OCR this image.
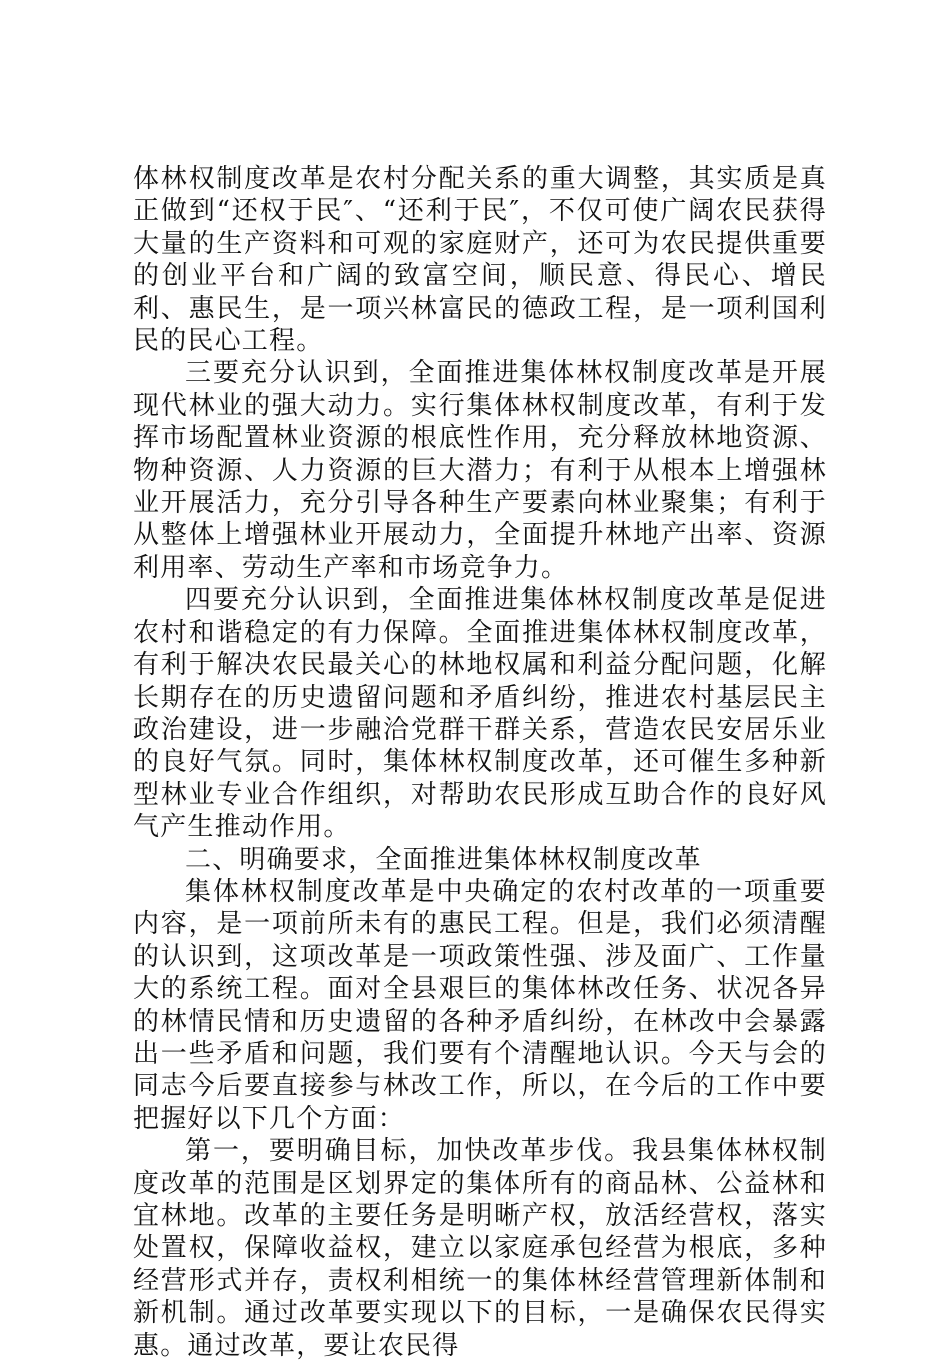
体林权制度改革是农村分配关系的重大调整，其实质是真正做到“还权于民″、“还利于民″，不仅可使广阔农民获得大量的生产资料和可观的家庭财产，还可为农民提供重要的创业平台和广阔的致富空间，顺民意、得民心、增民利、惠民生，是一项兴林富民的德政工程，是一项利国利民的民心工程。

三要充分认识到，全面推进集体林权制度改革是开展现代林业的强大动力。实行集体林权制度改革，有利于发挥市场配置林业资源的根底性作用，充分释放林地资源、物种资源、人力资源的巨大潜力；有利于从根本上增强林业开展活力，充分引导各种生产要素向林业聚集；有利于从整体上增强林业开展动力，全面提升林地产出率、资源利用率、劳动生产率和市场竞争力。

四要充分认识到，全面推进集体林权制度改革是促进农村和谐稳定的有力保障。全面推进集体林权制度改革，有利于解决农民最关心的林地权属和利益分配问题，化解长期存在的历史遗留问题和矛盾纠纷，推进农村基层民主政治建设，进一步融洽党群干群关系，营造农民安居乐业的良好气氛。同时，集体林权制度改革，还可催生多种新型林业专业合作组织，对帮助农民形成互助合作的良好风气产生推动作用。

二、明确要求，全面推进集体林权制度改革

集体林权制度改革是中央确定的农村改革的一项重要内容，是一项前所未有的惠民工程。但是，我们必须清醒的认识到，这项改革是一项政策性强、涉及面广、工作量大的系统工程。面对全县艰巨的集体林改任务、状况各异的林情民情和历史遗留的各种矛盾纠纷，在林改中会暴露出一些矛盾和问题，我们要有个清醒地认识。今天与会的同志今后要直接参与林改工作，所以，在今后的工作中要把握好以下几个方面：

第一，要明确目标，加快改革步伐。我县集体林权制度改革的范围是区划界定的集体所有的商品林、公益林和宜林地。改革的主要任务是明晰产权，放活经营权，落实处置权，保障收益权，建立以家庭承包经营为根底，多种经营形式并存，责权利相统一的集体林经营管理新体制和新机制。通过改革要实现以下的目标，一是确保农民得实惠。通过改革，要让农民得
